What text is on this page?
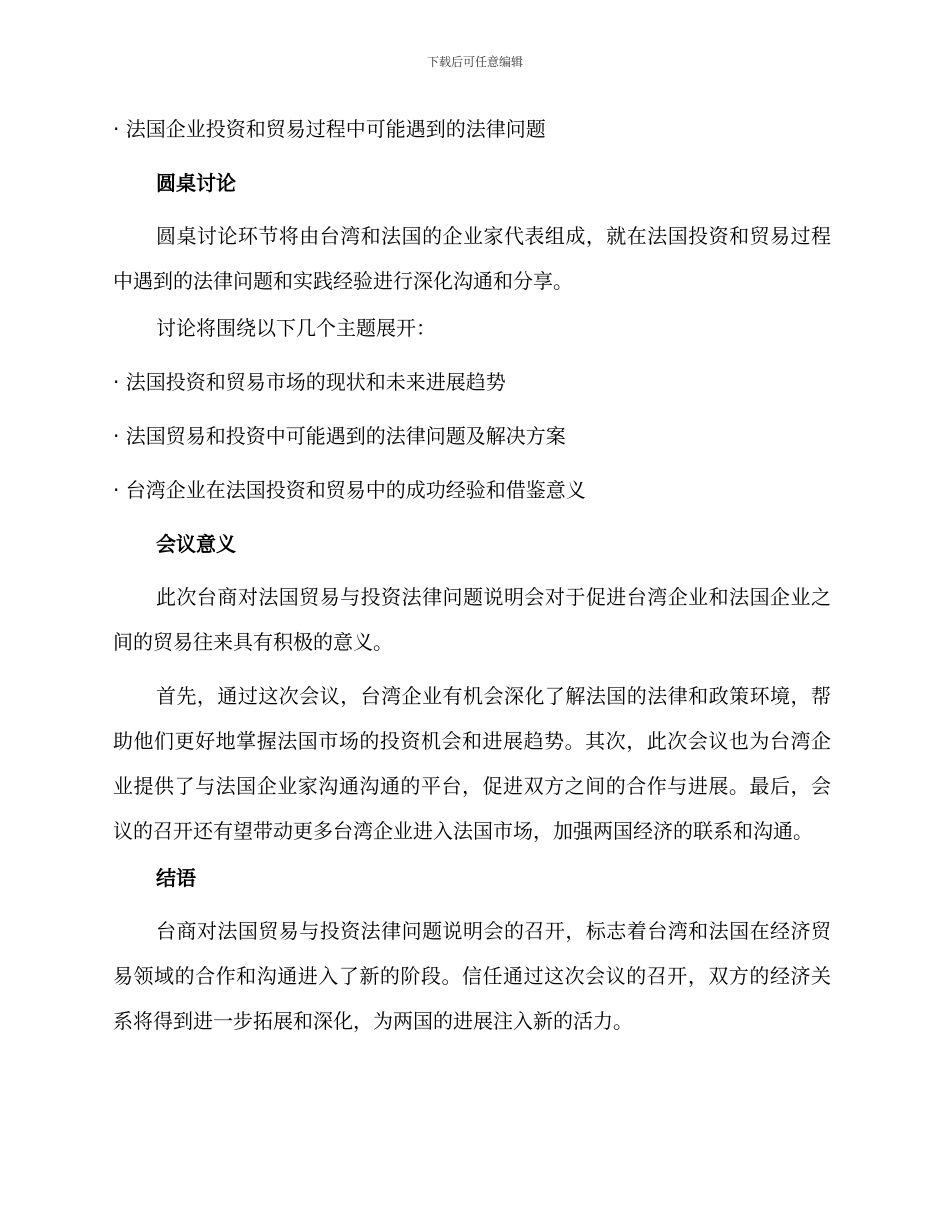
下载后可任意编辑

· 法国企业投资和贸易过程中可能遇到的法律问题

圆桌讨论

圆桌讨论环节将由台湾和法国的企业家代表组成，就在法国投资和贸易过程中遇到的法律问题和实践经验进行深化沟通和分享。

讨论将围绕以下几个主题展开：

· 法国投资和贸易市场的现状和未来进展趋势

· 法国贸易和投资中可能遇到的法律问题及解决方案

· 台湾企业在法国投资和贸易中的成功经验和借鉴意义

会议意义

此次台商对法国贸易与投资法律问题说明会对于促进台湾企业和法国企业之间的贸易往来具有积极的意义。

首先，通过这次会议，台湾企业有机会深化了解法国的法律和政策环境，帮助他们更好地掌握法国市场的投资机会和进展趋势。其次，此次会议也为台湾企业提供了与法国企业家沟通沟通的平台，促进双方之间的合作与进展。最后，会议的召开还有望带动更多台湾企业进入法国市场，加强两国经济的联系和沟通。

结语

台商对法国贸易与投资法律问题说明会的召开，标志着台湾和法国在经济贸易领域的合作和沟通进入了新的阶段。信任通过这次会议的召开，双方的经济关系将得到进一步拓展和深化，为两国的进展注入新的活力。
